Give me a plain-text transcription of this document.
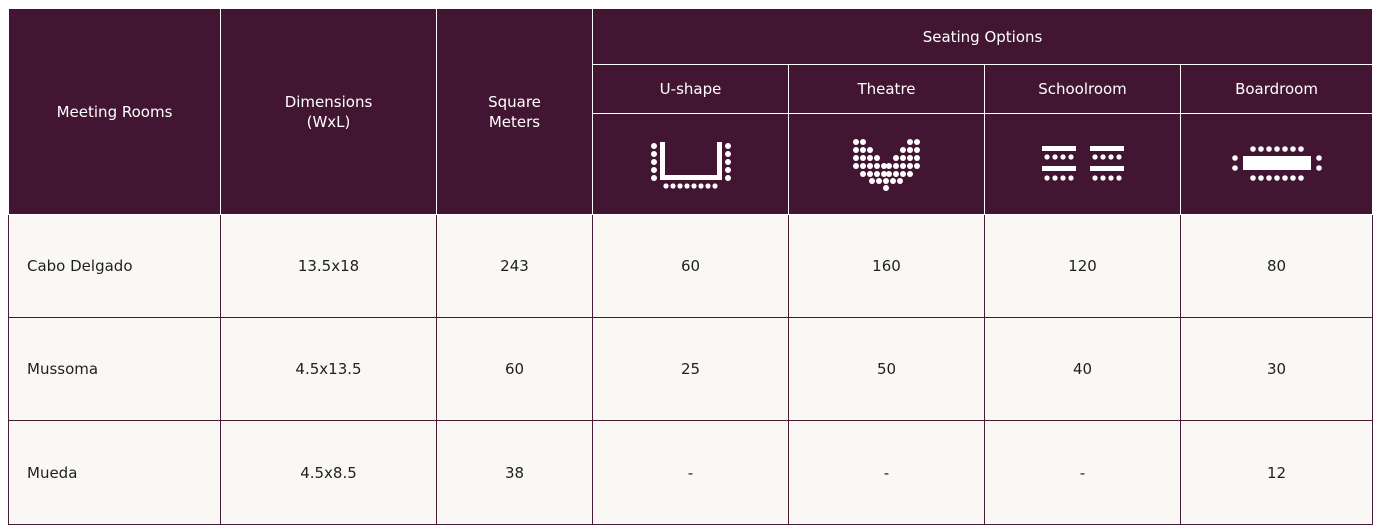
Meeting Rooms	Dimensions (WxL)	Square Meters	Seating Options			

			U-shape	Theatre	Schoolroom	Boardroom

Cabo Delgado	13.5x18	243	60	160	120	80
Mussoma	4.5x13.5	60	25	50	40	30
Mueda	4.5x8.5	38	-	-	-	12
